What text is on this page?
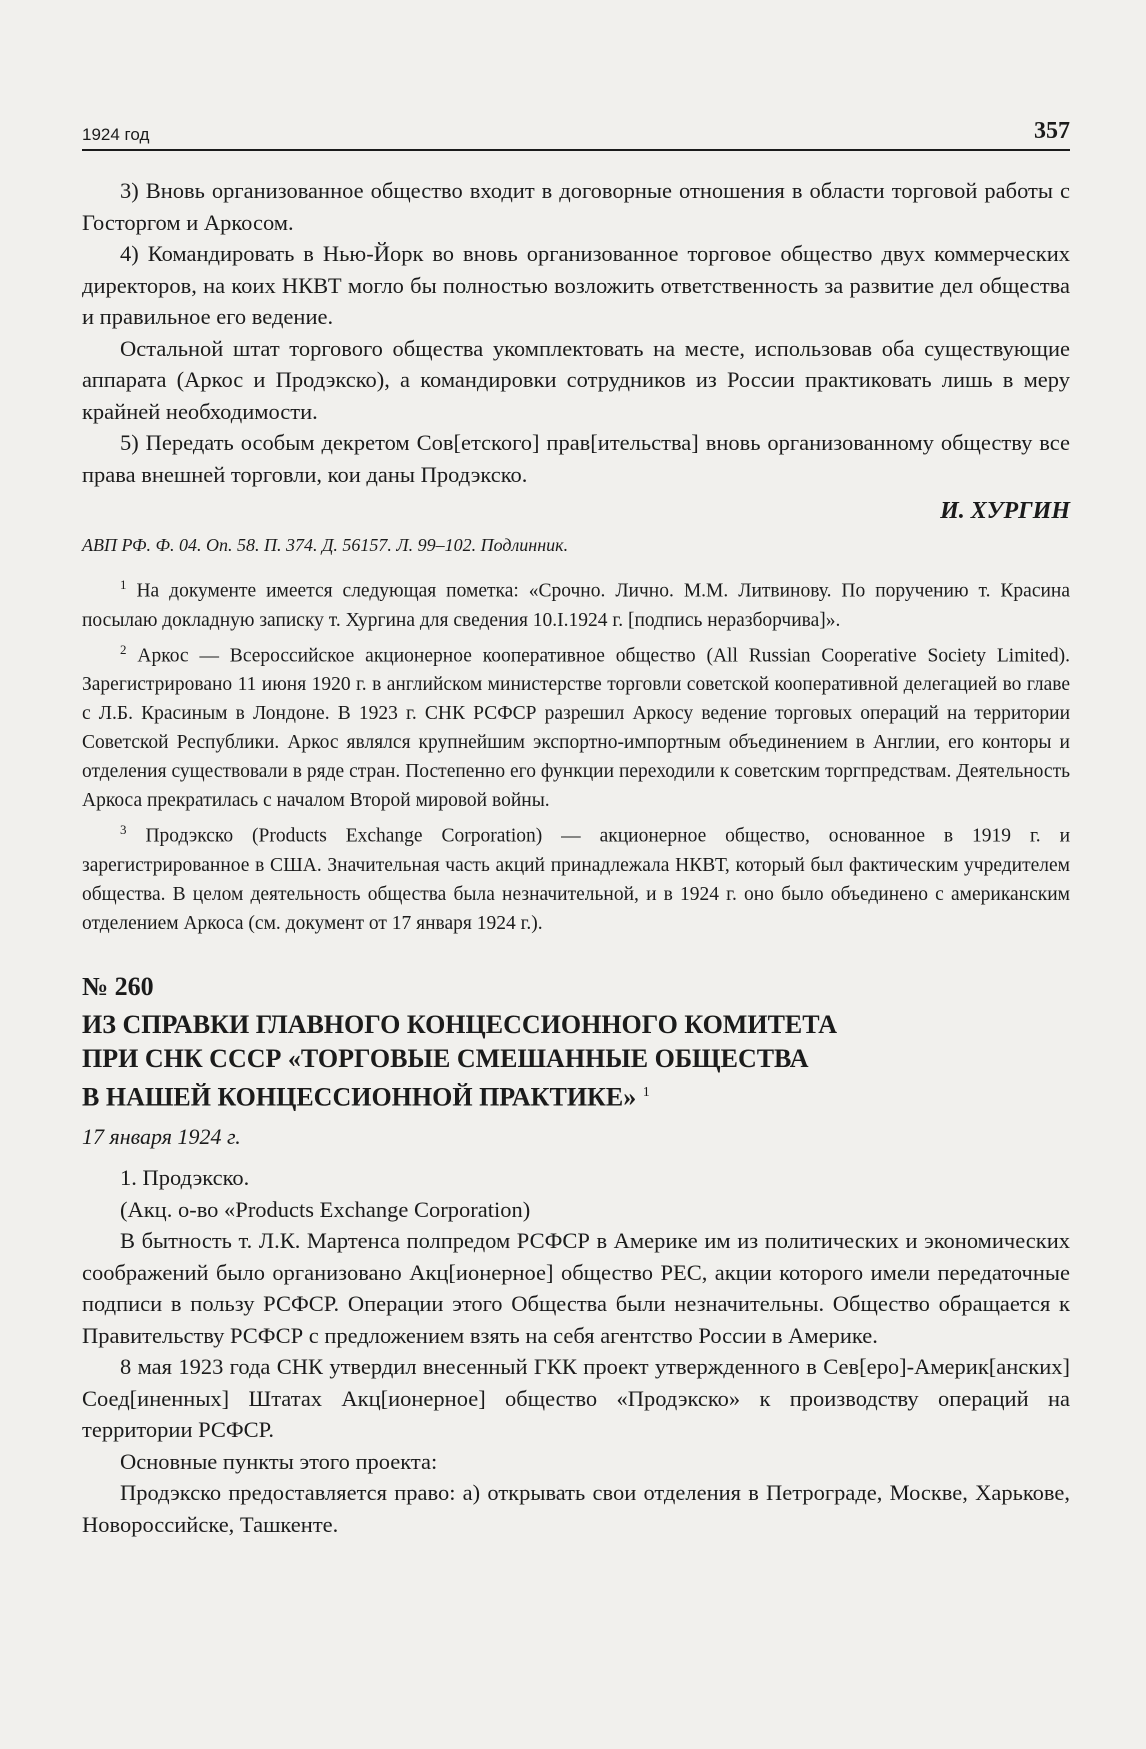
1924 год	357

3) Вновь организованное общество входит в договорные отношения в области торговой работы с Госторгом и Аркосом.

4) Командировать в Нью-Йорк во вновь организованное торговое общество двух коммерческих директоров, на коих НКВТ могло бы полностью возложить ответственность за развитие дел общества и правильное его ведение.

Остальной штат торгового общества укомплектовать на месте, использовав оба существующие аппарата (Аркос и Продэкско), а командировки сотрудников из России практиковать лишь в меру крайней необходимости.

5) Передать особым декретом Сов[етского] прав[ительства] вновь организованному обществу все права внешней торговли, кои даны Продэкско.

И. ХУРГИН
АВП РФ. Ф. 04. Оп. 58. П. 374. Д. 56157. Л. 99–102. Подлинник.

$^1$ На документе имеется следующая пометка: «Срочно. Лично. М.М. Литвинову. По поручению т. Красина посылаю докладную записку т. Хургина для сведения 10.I.1924 г. [подпись неразборчива]».

$^2$ Аркос — Всероссийское акционерное кооперативное общество (All Russian Cooperative Society Limited). Зарегистрировано 11 июня 1920 г. в английском министерстве торговли советской кооперативной делегацией во главе с Л.Б. Красиным в Лондоне. В 1923 г. СНК РСФСР разрешил Аркосу ведение торговых операций на территории Советской Республики. Аркос являлся крупнейшим экспортно-импортным объединением в Англии, его конторы и отделения существовали в ряде стран. Постепенно его функции переходили к советским торгпредствам. Деятельность Аркоса прекратилась с началом Второй мировой войны.

$^3$ Продэкско (Products Exchange Corporation) — акционерное общество, основанное в 1919 г. и зарегистрированное в США. Значительная часть акций принадлежала НКВТ, который был фактическим учредителем общества. В целом деятельность общества была незначительной, и в 1924 г. оно было объединено с американским отделением Аркоса (см. документ от 17 января 1924 г.).

№ 260
ИЗ СПРАВКИ ГЛАВНОГО КОНЦЕССИОННОГО КОМИТЕТА
ПРИ СНК СССР «ТОРГОВЫЕ СМЕШАННЫЕ ОБЩЕСТВА
В НАШЕЙ КОНЦЕССИОННОЙ ПРАКТИКЕ» $^1$
17 января 1924 г.

1. Продэкско.

(Акц. о-во «Products Exchange Corporation)

В бытность т. Л.К. Мартенса полпредом РСФСР в Америке им из политических и экономических соображений было организовано Акц[ионерное] общество PEC, акции которого имели передаточные подписи в пользу РСФСР. Операции этого Общества были незначительны. Общество обращается к Правительству РСФСР с предложением взять на себя агентство России в Америке.

8 мая 1923 года СНК утвердил внесенный ГКК проект утвержденного в Сев[еро]-Америк[анских] Соед[иненных] Штатах Акц[ионерное] общество «Продэкско» к производству операций на территории РСФСР.

Основные пункты этого проекта:

Продэкско предоставляется право: а) открывать свои отделения в Петрограде, Москве, Харькове, Новороссийске, Ташкенте.
